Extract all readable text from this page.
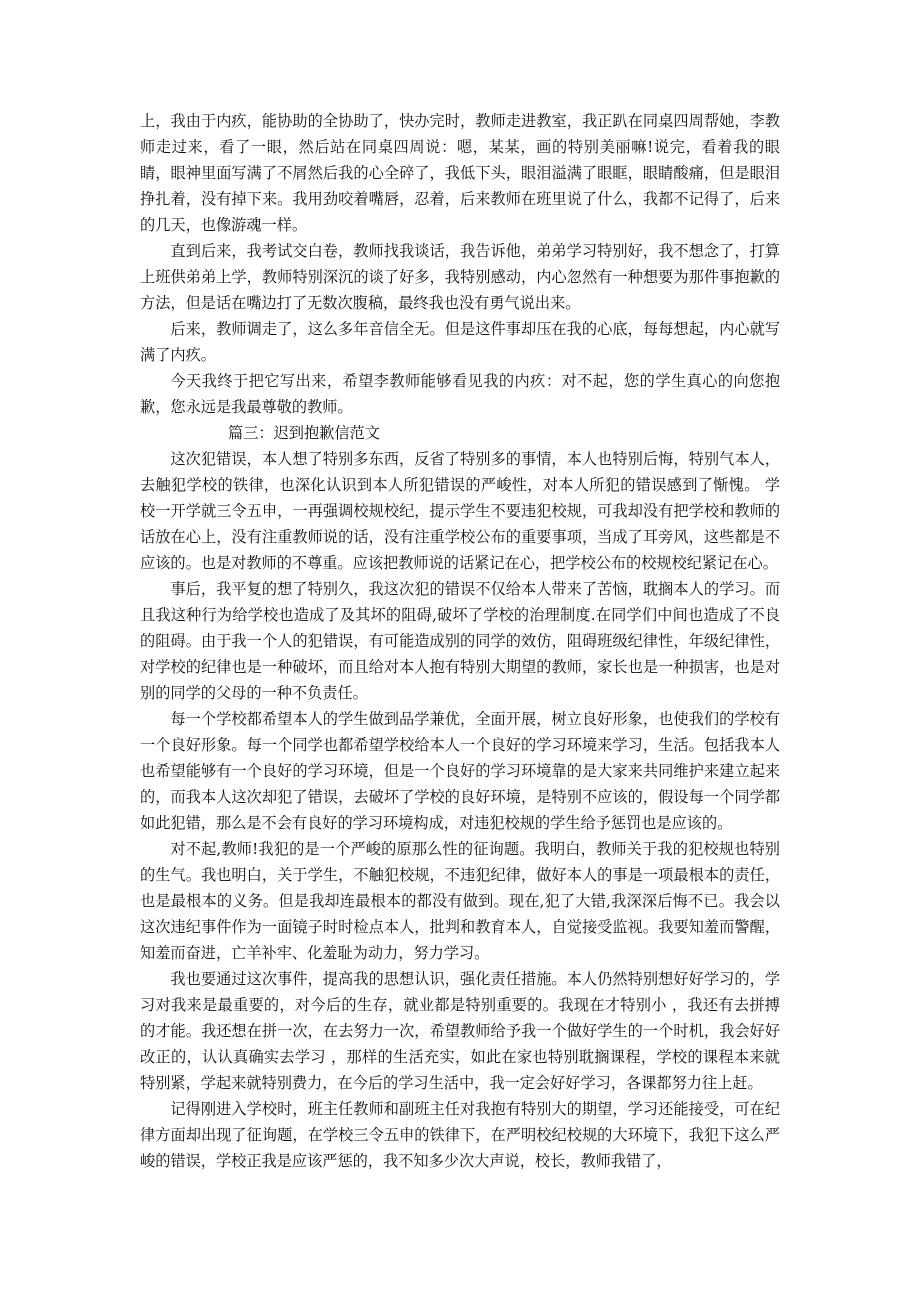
上，我由于内疚，能协助的全协助了，快办完时，教师走进教室，我正趴在同桌四周帮她，李教师走过来，看了一眼，然后站在同桌四周说：嗯，某某，画的特别美丽嘛!说完，看着我的眼睛，眼神里面写满了不屑然后我的心全碎了，我低下头，眼泪溢满了眼眶，眼睛酸痛，但是眼泪挣扎着，没有掉下来。我用劲咬着嘴唇，忍着，后来教师在班里说了什么，我都不记得了，后来的几天，也像游魂一样。

直到后来，我考试交白卷，教师找我谈话，我告诉他，弟弟学习特别好，我不想念了，打算上班供弟弟上学，教师特别深沉的谈了好多，我特别感动，内心忽然有一种想要为那件事抱歉的方法，但是话在嘴边打了无数次腹稿，最终我也没有勇气说出来。

后来，教师调走了，这么多年音信全无。但是这件事却压在我的心底，每每想起，内心就写满了内疚。

今天我终于把它写出来，希望李教师能够看见我的内疚：对不起，您的学生真心的向您抱歉，您永远是我最尊敬的教师。

篇三：迟到抱歉信范文

这次犯错误，本人想了特别多东西，反省了特别多的事情，本人也特别后悔，特别气本人，去触犯学校的铁律，也深化认识到本人所犯错误的严峻性，对本人所犯的错误感到了惭愧。 学校一开学就三令五申，一再强调校规校纪，提示学生不要违犯校规，可我却没有把学校和教师的话放在心上，没有注重教师说的话，没有注重学校公布的重要事项，当成了耳旁风，这些都是不应该的。也是对教师的不尊重。应该把教师说的话紧记在心，把学校公布的校规校纪紧记在心。

事后，我平复的想了特别久，我这次犯的错误不仅给本人带来了苦恼，耽搁本人的学习。而且我这种行为给学校也造成了及其坏的阻碍,破坏了学校的治理制度.在同学们中间也造成了不良的阻碍。由于我一个人的犯错误，有可能造成别的同学的效仿，阻碍班级纪律性，年级纪律性，对学校的纪律也是一种破坏，而且给对本人抱有特别大期望的教师，家长也是一种损害，也是对别的同学的父母的一种不负责任。

每一个学校都希望本人的学生做到品学兼优，全面开展，树立良好形象，也使我们的学校有一个良好形象。每一个同学也都希望学校给本人一个良好的学习环境来学习，生活。包括我本人也希望能够有一个良好的学习环境，但是一个良好的学习环境靠的是大家来共同维护来建立起来的，而我本人这次却犯了错误，去破坏了学校的良好环境，是特别不应该的，假设每一个同学都如此犯错，那么是不会有良好的学习环境构成，对违犯校规的学生给予惩罚也是应该的。

对不起,教师!我犯的是一个严峻的原那么性的征询题。我明白，教师关于我的犯校规也特别的生气。我也明白，关于学生，不触犯校规，不违犯纪律，做好本人的事是一项最根本的责任，也是最根本的义务。但是我却连最根本的都没有做到。现在,犯了大错,我深深后悔不已。我会以这次违纪事件作为一面镜子时时检点本人，批判和教育本人，自觉接受监视。我要知羞而警醒，知羞而奋进，亡羊补牢、化羞耻为动力，努力学习。

我也要通过这次事件，提高我的思想认识，强化责任措施。本人仍然特别想好好学习的，学习对我来是最重要的，对今后的生存，就业都是特别重要的。我现在才特别小 ，我还有去拼搏的才能。我还想在拼一次，在去努力一次，希望教师给予我一个做好学生的一个时机，我会好好改正的，认认真确实去学习 ，那样的生活充实，如此在家也特别耽搁课程，学校的课程本来就特别紧，学起来就特别费力，在今后的学习生活中，我一定会好好学习，各课都努力往上赶。

记得刚进入学校时，班主任教师和副班主任对我抱有特别大的期望，学习还能接受，可在纪律方面却出现了征询题，在学校三令五申的铁律下，在严明校纪校规的大环境下，我犯下这么严峻的错误，学校正我是应该严惩的，我不知多少次大声说，校长，教师我错了，
